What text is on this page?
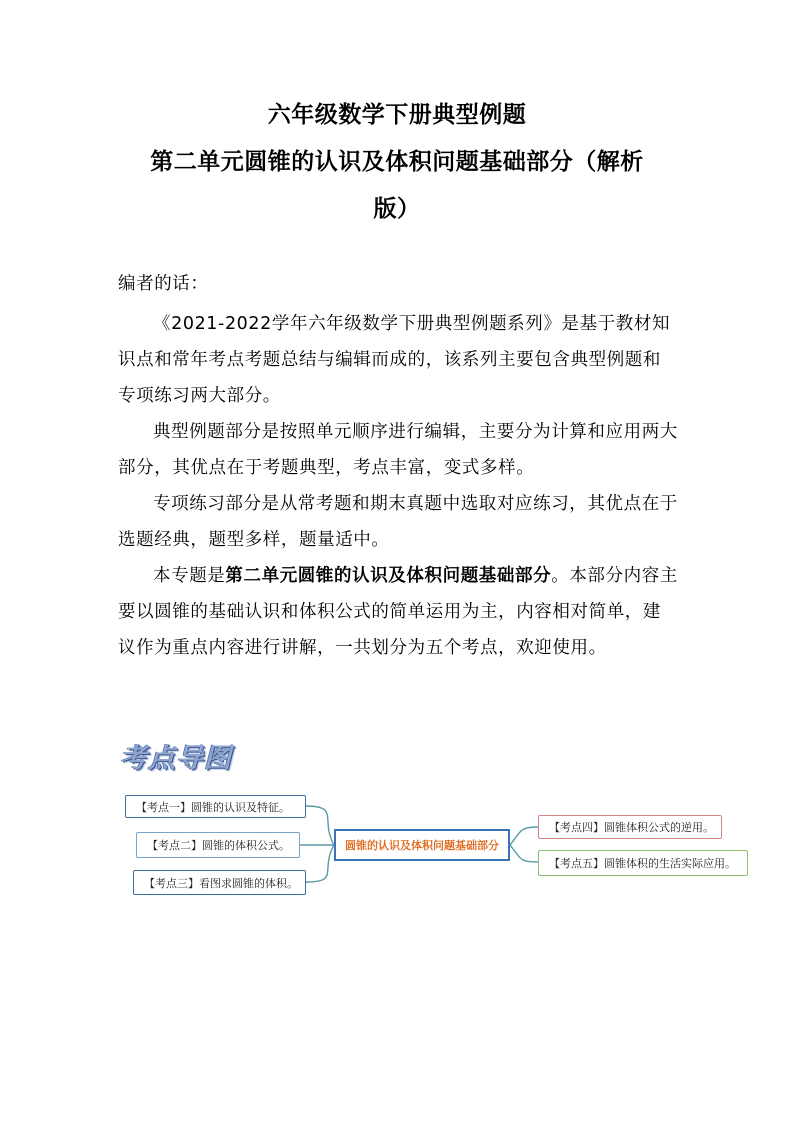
六年级数学下册典型例题
第二单元圆锥的认识及体积问题基础部分（解析
版）

编者的话：

《2021-2022学年六年级数学下册典型例题系列》是基于教材知识点和常年考点考题总结与编辑而成的，该系列主要包含典型例题和专项练习两大部分。

典型例题部分是按照单元顺序进行编辑，主要分为计算和应用两大部分，其优点在于考题典型，考点丰富，变式多样。

专项练习部分是从常考题和期末真题中选取对应练习，其优点在于选题经典，题型多样，题量适中。

本专题是第二单元圆锥的认识及体积问题基础部分。本部分内容主要以圆锥的基础认识和体积公式的简单运用为主，内容相对简单，建议作为重点内容进行讲解，一共划分为五个考点，欢迎使用。

考点导图
【考点一】圆锥的认识及特征。
【考点二】圆锥的体积公式。
【考点三】看图求圆锥的体积。
圆锥的认识及体积问题基础部分
【考点四】圆锥体积公式的逆用。
【考点五】圆锥体积的生活实际应用。
